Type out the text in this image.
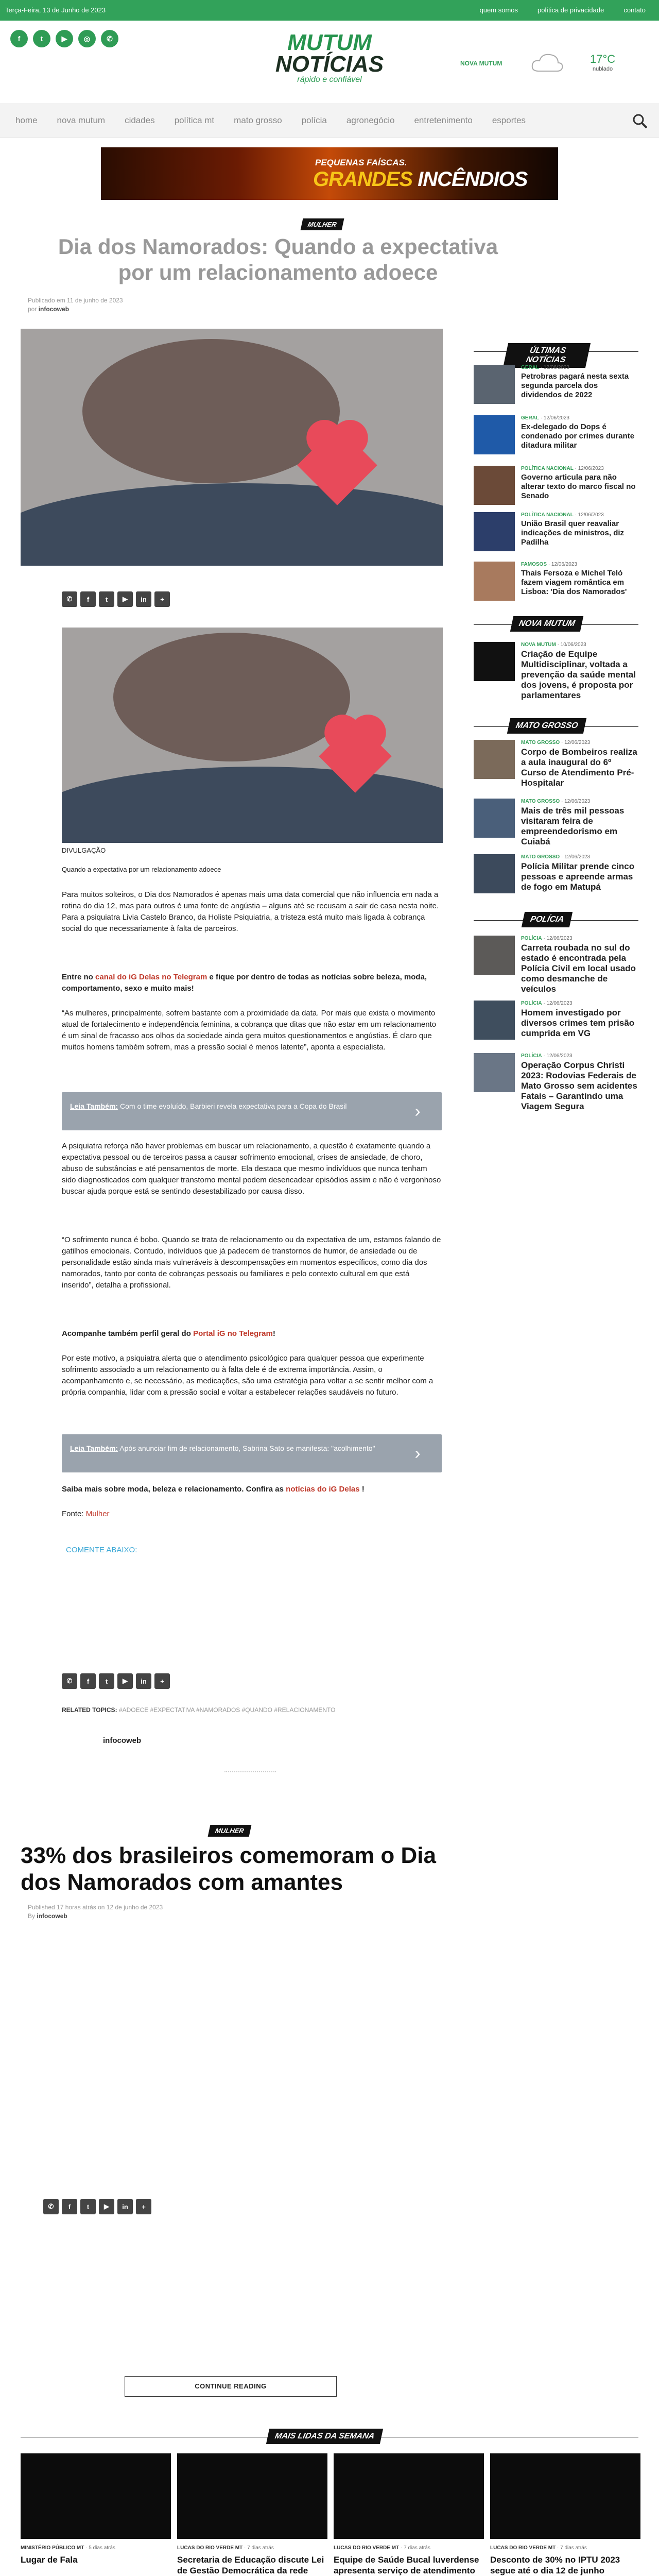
Terça-Feira, 13 de Junho de 2023	quem somos	política de privacidade	contato
f	t	▶	◎	✆	MUTUM
NOTÍCIAS
rápido e confiável
NOVA MUTUM	17°C
nublado
home nova mutum cidades política mt mato grosso polícia agronegócio entretenimento esportes
PEQUENAS FAÍSCAS.
GRANDES INCÊNDIOS
MULHER
Dia dos Namorados: Quando a expectativa por um relacionamento adoece
Publicado em 11 de junho de 2023
por infocoweb
✆	f	t	▶	in	+
DIVULGAÇÃO
Quando a expectativa por um relacionamento adoece

Para muitos solteiros, o Dia dos Namorados é apenas mais uma data comercial que não influencia em nada a rotina do dia 12, mas para outros é uma fonte de angústia – alguns até se recusam a sair de casa nesta noite. Para a psiquiatra Livia Castelo Branco, da Holiste Psiquiatria, a tristeza está muito mais ligada à cobrança social do que necessariamente à falta de parceiros.

Entre no canal do iG Delas no Telegram e fique por dentro de todas as notícias sobre beleza, moda, comportamento, sexo e muito mais!

“As mulheres, principalmente, sofrem bastante com a proximidade da data. Por mais que exista o movimento atual de fortalecimento e independência feminina, a cobrança que ditas que não estar em um relacionamento é um sinal de fracasso aos olhos da sociedade ainda gera muitos questionamentos e angústias. É claro que muitos homens também sofrem, mas a pressão social é menos latente”, aponta a especialista.

Leia Também: Com o time evoluído, Barbieri revela expectativa para a Copa do Brasil	›

A psiquiatra reforça não haver problemas em buscar um relacionamento, a questão é exatamente quando a expectativa pessoal ou de terceiros passa a causar sofrimento emocional, crises de ansiedade, de choro, abuso de substâncias e até pensamentos de morte. Ela destaca que mesmo indivíduos que nunca tenham sido diagnosticados com qualquer transtorno mental podem desencadear episódios assim e não é vergonhoso buscar ajuda porque está se sentindo desestabilizado por causa disso.

“O sofrimento nunca é bobo. Quando se trata de relacionamento ou da expectativa de um, estamos falando de gatilhos emocionais. Contudo, indivíduos que já padecem de transtornos de humor, de ansiedade ou de personalidade estão ainda mais vulneráveis à descompensações em momentos específicos, como dia dos namorados, tanto por conta de cobranças pessoais ou familiares e pelo contexto cultural em que está inserido”, detalha a profissional.

Acompanhe também perfil geral do Portal iG no Telegram!

Por este motivo, a psiquiatra alerta que o atendimento psicológico para qualquer pessoa que experimente sofrimento associado a um relacionamento ou à falta dele é de extrema importância. Assim, o acompanhamento e, se necessário, as medicações, são uma estratégia para voltar a se sentir melhor com a própria companhia, lidar com a pressão social e voltar a estabelecer relações saudáveis no futuro.

Leia Também: Após anunciar fim de relacionamento, Sabrina Sato se manifesta: "acolhimento"	›

Saiba mais sobre moda, beleza e relacionamento. Confira as notícias do iG Delas !

Fonte: Mulher

COMENTE ABAIXO:
✆	f	t	▶	in	+
RELATED TOPICS: #ADOECE #EXPECTATIVA #NAMORADOS #QUANDO #RELACIONAMENTO
infocoweb
MULHER
33% dos brasileiros comemoram o Dia dos Namorados com amantes
Published 17 horas atrás on 12 de junho de 2023
By infocoweb
✆	f	t	▶	in	+
CONTINUE READING
ÚLTIMAS NOTÍCIAS
GERAL · 12/06/2023
Petrobras pagará nesta sexta segunda parcela dos dividendos de 2022
GERAL · 12/06/2023
Ex-delegado do Dops é condenado por crimes durante ditadura militar
POLÍTICA NACIONAL · 12/06/2023
Governo articula para não alterar texto do marco fiscal no Senado
POLÍTICA NACIONAL · 12/06/2023
União Brasil quer reavaliar indicações de ministros, diz Padilha
FAMOSOS · 12/06/2023
Thais Fersoza e Michel Teló fazem viagem romântica em Lisboa: 'Dia dos Namorados'
NOVA MUTUM
NOVA MUTUM · 10/06/2023
Criação de Equipe Multidisciplinar, voltada a prevenção da saúde mental dos jovens, é proposta por parlamentares
MATO GROSSO
MATO GROSSO · 12/06/2023
Corpo de Bombeiros realiza a aula inaugural do 6º Curso de Atendimento Pré-Hospitalar
MATO GROSSO · 12/06/2023
Mais de três mil pessoas visitaram feira de empreendedorismo em Cuiabá
MATO GROSSO · 12/06/2023
Polícia Militar prende cinco pessoas e apreende armas de fogo em Matupá
POLÍCIA
POLÍCIA · 12/06/2023
Carreta roubada no sul do estado é encontrada pela Polícia Civil em local usado como desmanche de veículos
POLÍCIA · 12/06/2023
Homem investigado por diversos crimes tem prisão cumprida em VG
POLÍCIA · 12/06/2023
Operação Corpus Christi 2023: Rodovias Federais de Mato Grosso sem acidentes Fatais – Garantindo uma Viagem Segura
MAIS LIDAS DA SEMANA
MINISTÉRIO PÚBLICO MT · 5 dias atrás	LUCAS DO RIO VERDE MT · 7 dias atrás	LUCAS DO RIO VERDE MT · 7 dias atrás	LUCAS DO RIO VERDE MT · 7 dias atrás
Lugar de Fala	Secretaria de Educação discute Lei de Gestão Democrática da rede
Equipe de Saúde Bucal luverdense apresenta serviço de atendimento
Desconto de 30% no IPTU 2023 segue até o dia 12 de junho
